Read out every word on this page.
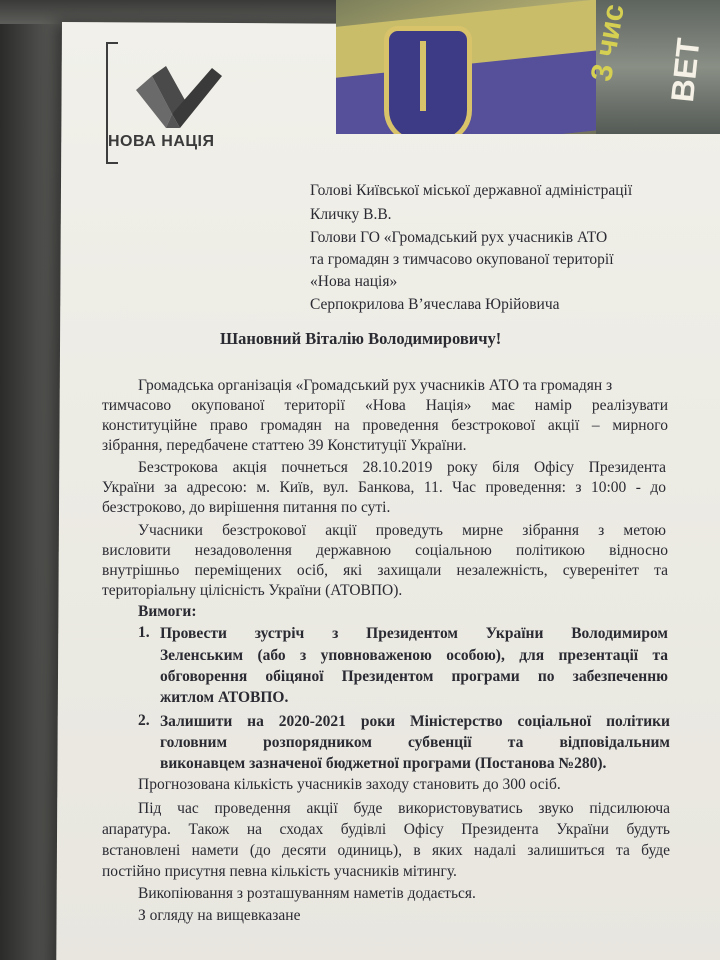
3 чис BET
НОВА НАЦІЯ
Голові Київської міської державної адміністрації
Кличку В.В.
Голови ГО «Громадський рух учасників АТО
та громадян з тимчасово окупованої території
«Нова нація»
Серпокрилова В’ячеслава Юрійовича
Шановний Віталію Володимировичу!
Громадська організація «Громадський рух учасників АТО та громадян з
тимчасово окупованої території «Нова Нація» має намір реалізувати
конституційне право громадян на проведення безстрокової акції – мирного
зібрання, передбачене статтею 39 Конституції України.
Безстрокова акція почнеться 28.10.2019 року біля Офісу Президента
України за адресою: м. Київ, вул. Банкова, 11. Час проведення: з 10:00 - до
безстроково, до вирішення питання по суті.
Учасники безстрокової акції проведуть мирне зібрання з метою
висловити незадоволення державною соціальною політикою відносно
внутрішньо переміщених осіб, які захищали незалежність, суверенітет та
територіальну цілісність України (АТОВПО).
Вимоги:
1. Провести зустріч з Президентом України Володимиром
Зеленським (або з уповноваженою особою), для презентації та
обговорення обіцяної Президентом програми по забезпеченню
житлом АТОВПО.
2. Залишити на 2020-2021 роки Міністерство соціальної політики
головним розпорядником субвенції та відповідальним
виконавцем зазначеної бюджетної програми (Постанова №280).
Прогнозована кількість учасників заходу становить до 300 осіб.
Під час проведення акції буде використовуватись звуко підсилююча
апаратура. Також на сходах будівлі Офісу Президента України будуть
встановлені намети (до десяти одиниць), в яких надалі залишиться та буде
постійно присутня певна кількість учасників мітингу.
Викопіювання з розташуванням наметів додається.
З огляду на вищевказане
